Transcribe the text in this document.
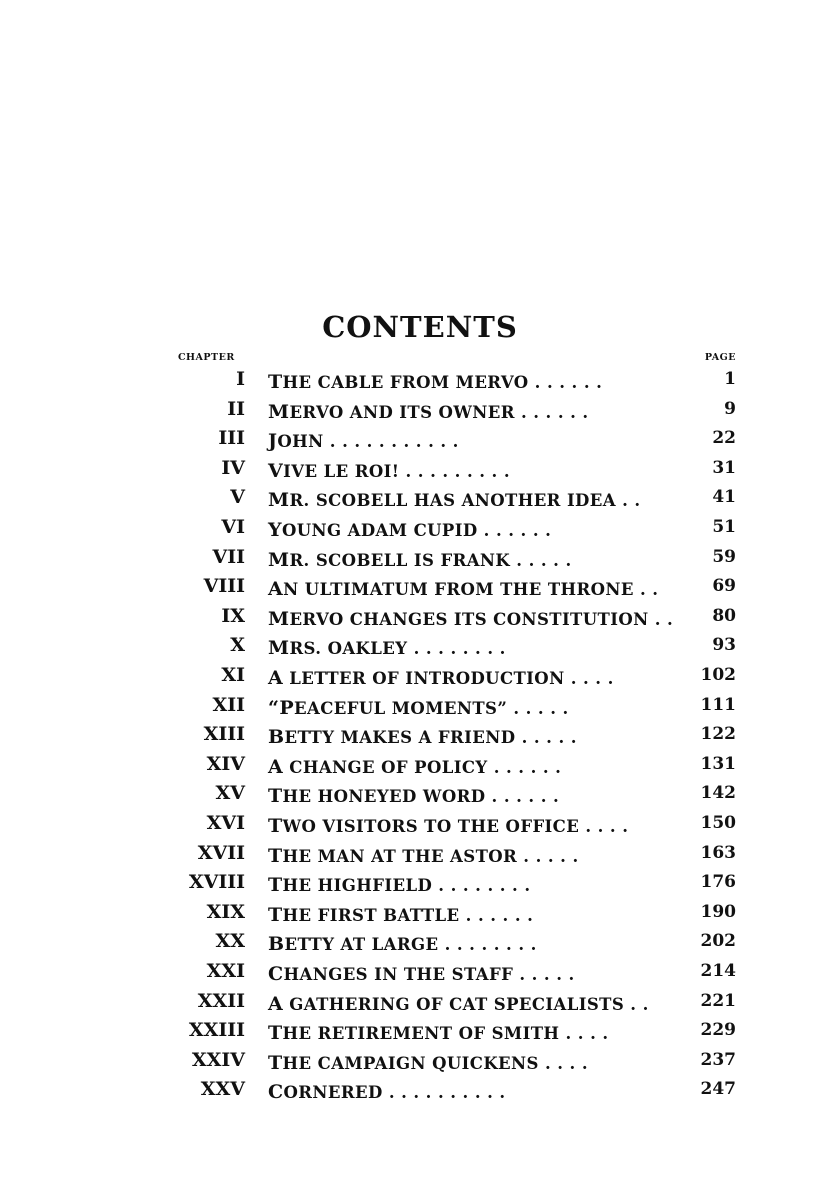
CONTENTS
CHAPTER	PAGE
I THE CABLE FROM MERVO . . . . . .	1
II MERVO AND ITS OWNER . . . . . .	9
III JOHN . . . . . . . . . . .	22
IV VIVE LE ROI! . . . . . . . . .	31
V MR. SCOBELL HAS ANOTHER IDEA . .	41
VI YOUNG ADAM CUPID . . . . . .	51
VII MR. SCOBELL IS FRANK . . . . .	59
VIII AN ULTIMATUM FROM THE THRONE . .	69
IX MERVO CHANGES ITS CONSTITUTION . . 80
X MRS. OAKLEY . . . . . . . .	93
XI A LETTER OF INTRODUCTION . . . .	102
XII “PEACEFUL MOMENTS” . . . . .	111
XIII BETTY MAKES A FRIEND . . . . .	122
XIV A CHANGE OF POLICY . . . . . .	131
XV THE HONEYED WORD . . . . . .	142
XVI TWO VISITORS TO THE OFFICE . . . .	150
XVII THE MAN AT THE ASTOR . . . . .	163
XVIII THE HIGHFIELD . . . . . . . .	176
XIX THE FIRST BATTLE . . . . . .	190
XX BETTY AT LARGE . . . . . . . .	202
XXI CHANGES IN THE STAFF . . . . .	214
XXII A GATHERING OF CAT SPECIALISTS . .	221
XXIII THE RETIREMENT OF SMITH . . . .	229
XXIV THE CAMPAIGN QUICKENS . . . .	237
XXV CORNERED . . . . . . . . . .	247
